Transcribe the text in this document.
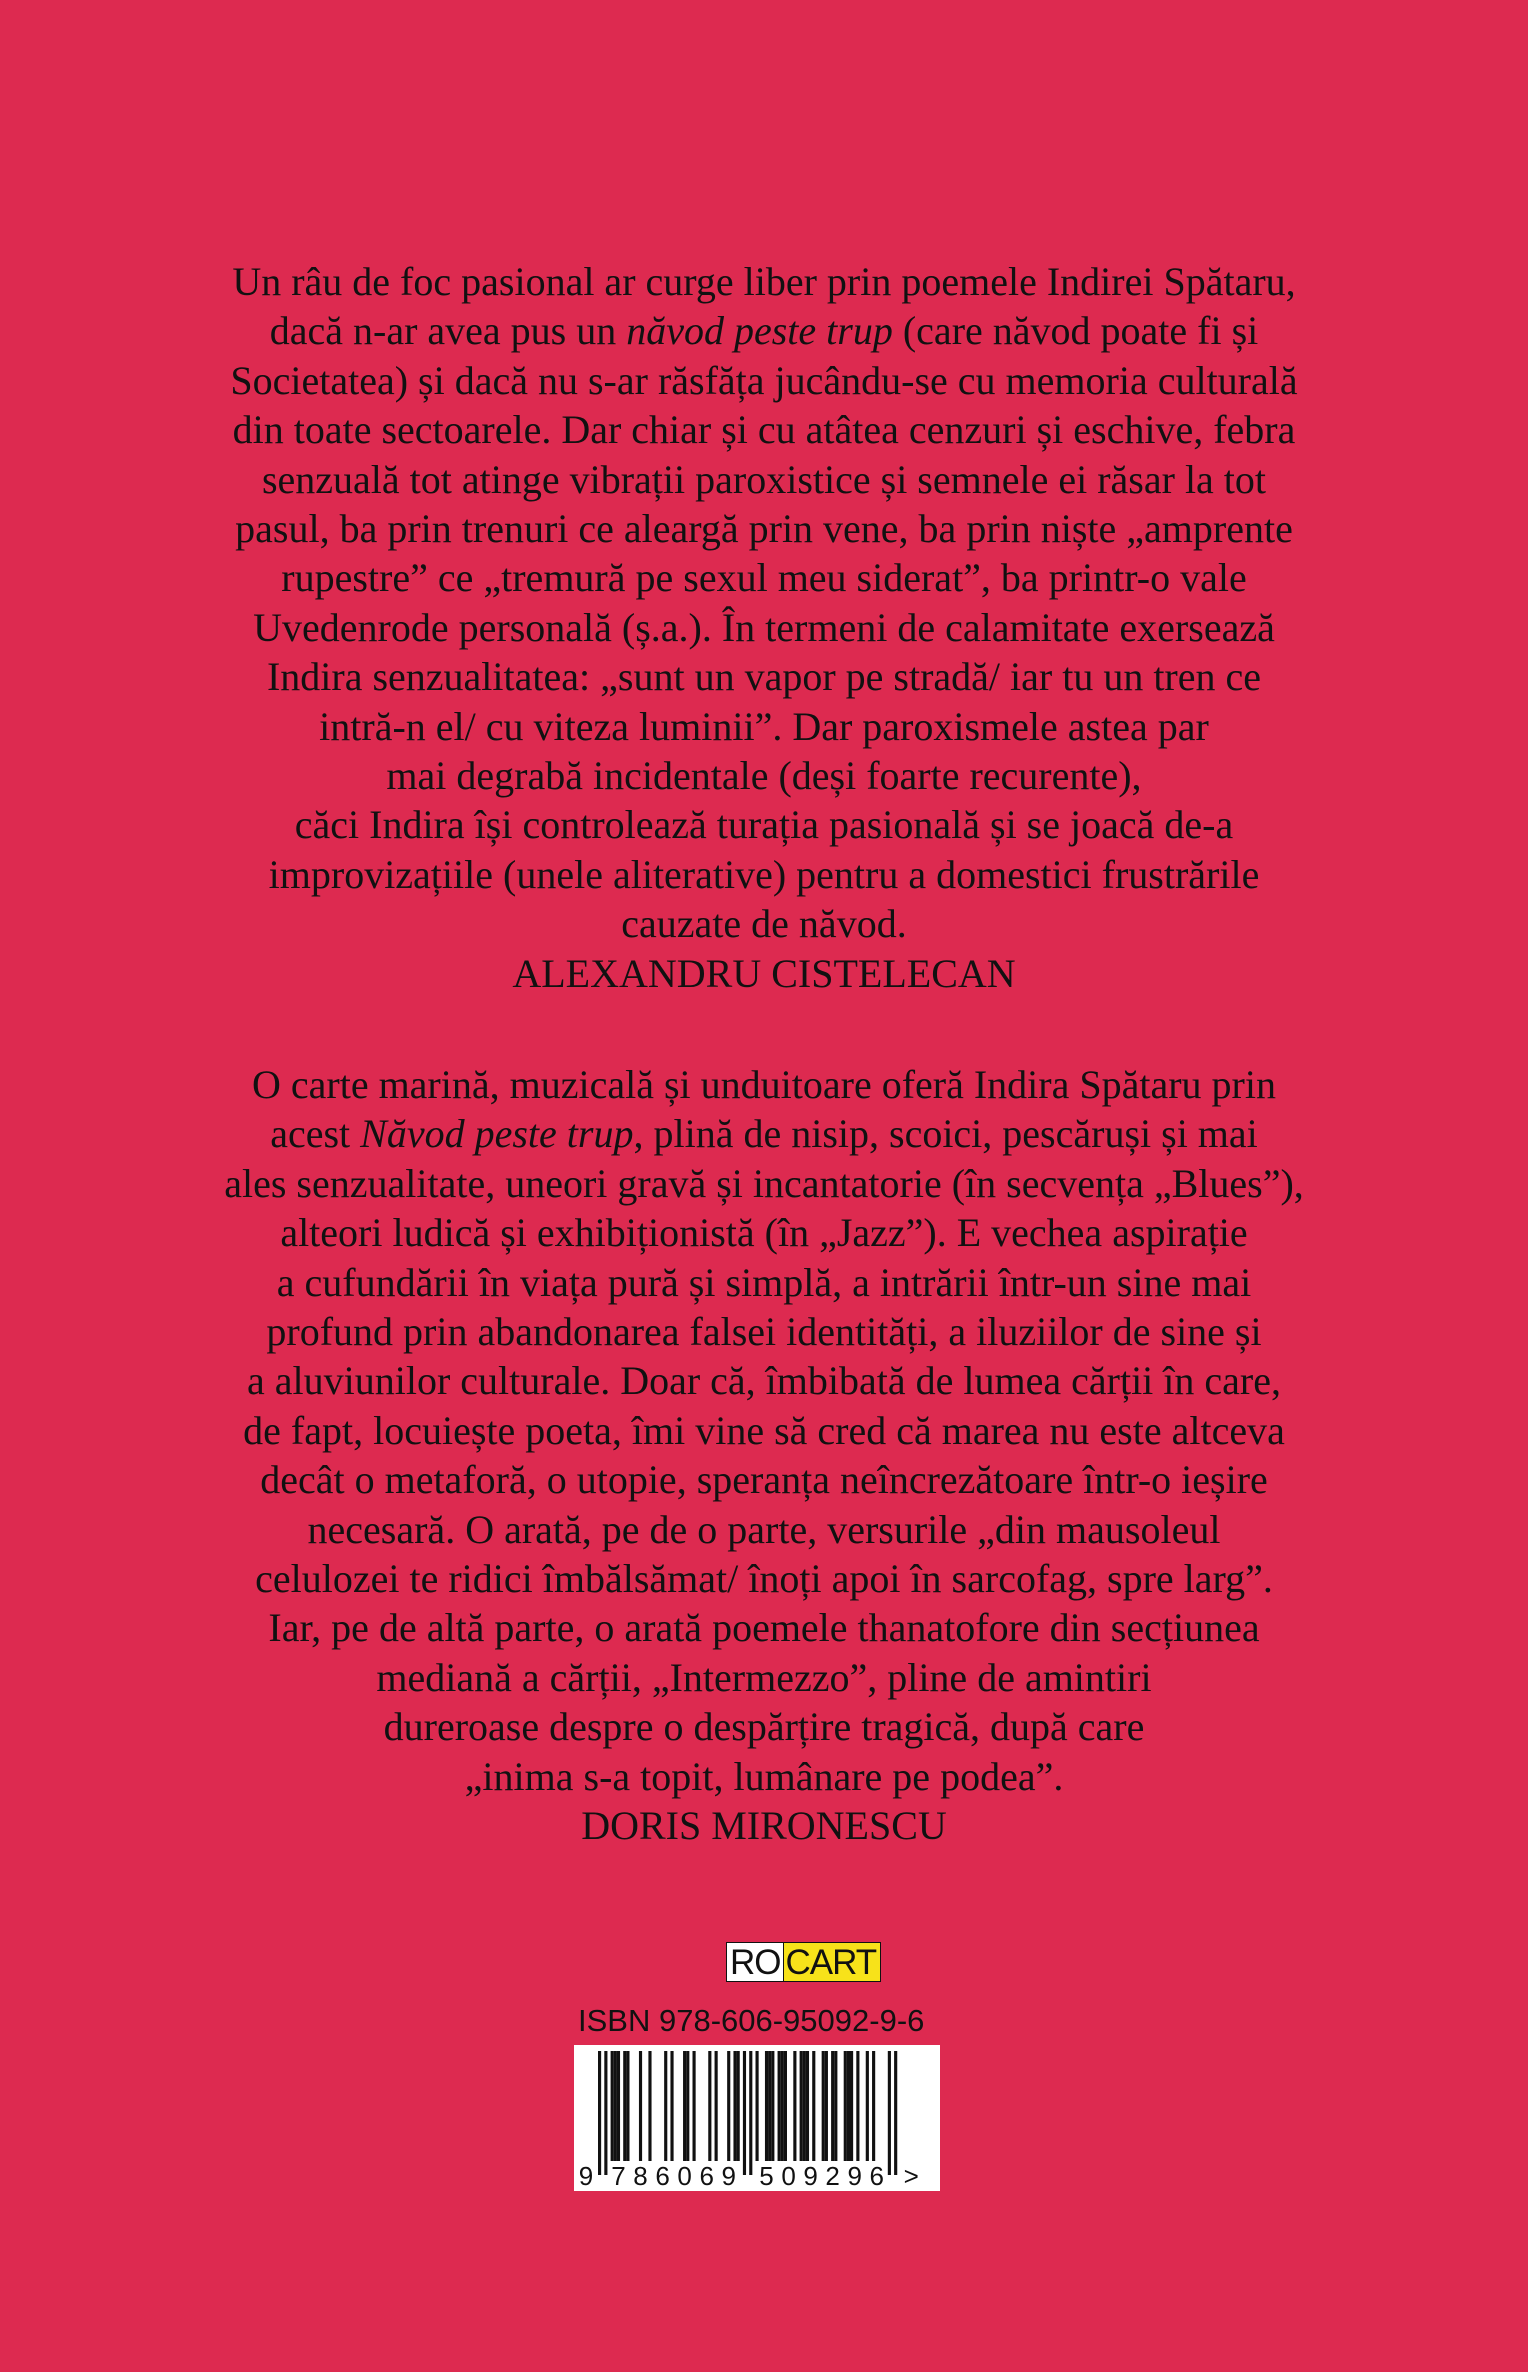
Un râu de foc pasional ar curge liber prin poemele Indirei Spătaru,
dacă n-ar avea pus un năvod peste trup (care năvod poate fi și
Societatea) și dacă nu s-ar răsfăța jucându-se cu memoria culturală
din toate sectoarele. Dar chiar și cu atâtea cenzuri și eschive, febra
senzuală tot atinge vibrații paroxistice și semnele ei răsar la tot
pasul, ba prin trenuri ce aleargă prin vene, ba prin niște „amprente
rupestre” ce „tremură pe sexul meu siderat”, ba printr-o vale
Uvedenrode personală (ș.a.). În termeni de calamitate exersează
Indira senzualitatea: „sunt un vapor pe stradă/ iar tu un tren ce
intră-n el/ cu viteza luminii”. Dar paroxismele astea par
mai degrabă incidentale (deși foarte recurente),
căci Indira își controlează turația pasională și se joacă de-a
improvizațiile (unele aliterative) pentru a domestici frustrările
cauzate de năvod.
ALEXANDRU CISTELECAN
O carte marină, muzicală și unduitoare oferă Indira Spătaru prin
acest Năvod peste trup, plină de nisip, scoici, pescăruși și mai
ales senzualitate, uneori gravă și incantatorie (în secvența „Blues”),
alteori ludică și exhibiționistă (în „Jazz”). E vechea aspirație
a cufundării în viața pură și simplă, a intrării într-un sine mai
profund prin abandonarea falsei identități, a iluziilor de sine și
a aluviunilor culturale. Doar că, îmbibată de lumea cărții în care,
de fapt, locuiește poeta, îmi vine să cred că marea nu este altceva
decât o metaforă, o utopie, speranța neîncrezătoare într-o ieșire
necesară. O arată, pe de o parte, versurile „din mausoleul
celulozei te ridici îmbălsămat/ înoți apoi în sarcofag, spre larg”.
Iar, pe de altă parte, o arată poemele thanatofore din secțiunea
mediană a cărții, „Intermezzo”, pline de amintiri
dureroase despre o despărțire tragică, după care
„inima s-a topit, lumânare pe podea”.
DORIS MIRONESCU
RO CART
ISBN 978-606-95092-9-6
9 7 8 6 0 6 9 5 0 9 2 9 6 >
